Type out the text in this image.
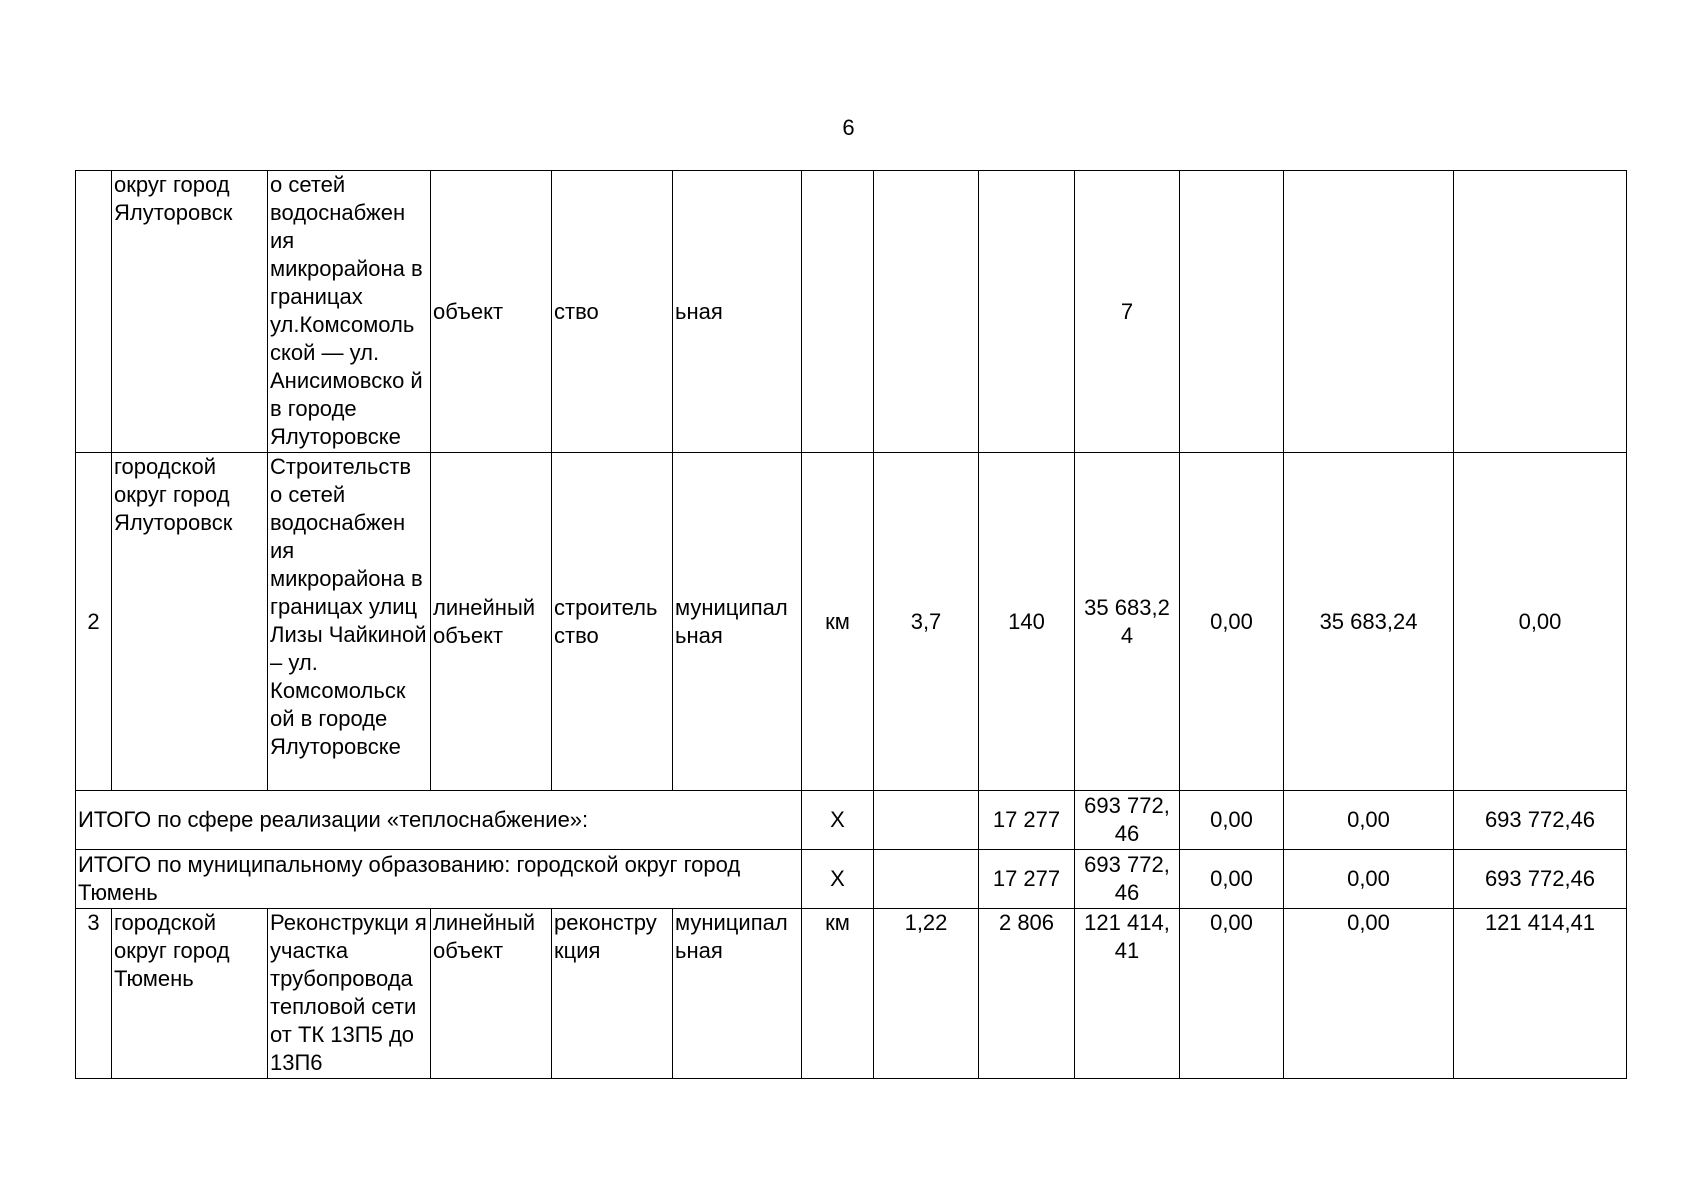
6
	округ город Ялуторовск	о сетей водоснабжен ия микрорайона в границах ул.Комсомоль ской — ул. Анисимовско й в городе Ялуторовске	объект	ство	ьная				7			
2	городской округ город Ялуторовск	Строительств о сетей водоснабжен ия микрорайона в границах улиц Лизы Чайкиной – ул. Комсомольск ой в городе Ялуторовске	линейный объект	строитель ство	муниципал ьная	км	3,7	140	35 683,2 4	0,00	35 683,24	0,00
ИТОГО по сфере реализации «теплоснабжение»:						Х		17 277	693 772, 46	0,00	0,00	693 772,46
ИТОГО по муниципальному образованию: городской округ город Тюмень						Х		17 277	693 772, 46	0,00	0,00	693 772,46
3	городской округ город Тюмень	Реконструкци я участка трубопровода тепловой сети от ТК 13П5 до 13П6	линейный объект	реконстру кция	муниципал ьная	км	1,22	2 806	121 414, 41	0,00	0,00	121 414,41
